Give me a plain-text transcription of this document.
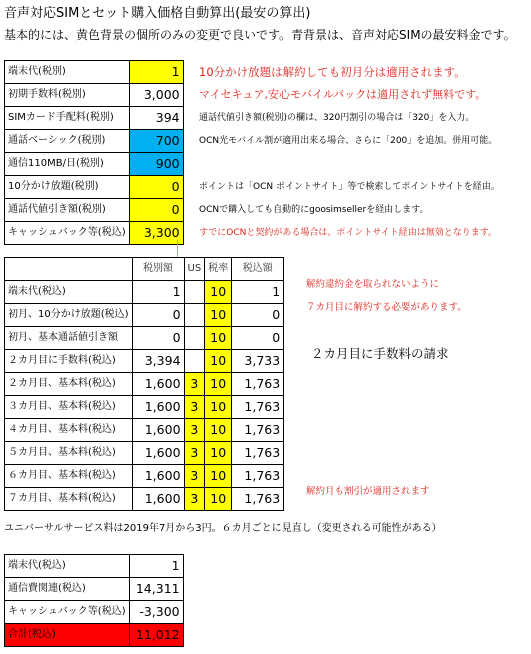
音声対応SIMとセット購入価格自動算出(最安の算出)
基本的には、黄色背景の個所のみの変更で良いです。青背景は、音声対応SIMの最安料金です。
端末代(税別)	1
初期手数料(税別)	3,000
SIMカード手配料(税別)	394
通話ベーシック(税別)	700
通信110MB/日(税別)	900
10分かけ放題(税別)	0
通話代値引き額(税別)	0
キャッシュバック等(税込)	3,300
10分かけ放題は解約しても初月分は適用されます。
マイセキュア,安心モバイルパックは適用されず無料です。
通話代値引き額(税別)の欄は、320円割引の場合は「320」を入力。
OCN光モバイル割が適用出来る場合、さらに「200」を追加。併用可能。
ポイントは「OCN ポイントサイト」等で検索してポイントサイトを経由。
OCNで購入しても自動的にgoosimsellerを経由します。
すでにOCNと契約がある場合は、ポイントサイト経由は無効となります。
	税別額	US	税率	税込額
端末代(税込)	1		10	1
初月、10分かけ放題(税込)	0		10	0
初月、基本通話値引き額	0		10	0
２カ月目に手数料(税込)	3,394		10	3,733
２カ月目、基本料(税込)	1,600	3	10	1,763
３カ月目、基本料(税込)	1,600	3	10	1,763
４カ月目、基本料(税込)	1,600	3	10	1,763
５カ月目、基本料(税込)	1,600	3	10	1,763
６カ月目、基本料(税込)	1,600	3	10	1,763
７カ月目、基本料(税込)	1,600	3	10	1,763
解約違約金を取られないように
７カ月目に解約する必要があります。
２カ月目に手数料の請求
解約月も割引が適用されます
ユニバーサルサービス料は2019年7月から3円。６カ月ごとに見直し（変更される可能性がある）
端末代(税込)	1
通信費関連(税込)	14,311
キャッシュバック等(税込)	-3,300
合計(税込)	11,012
